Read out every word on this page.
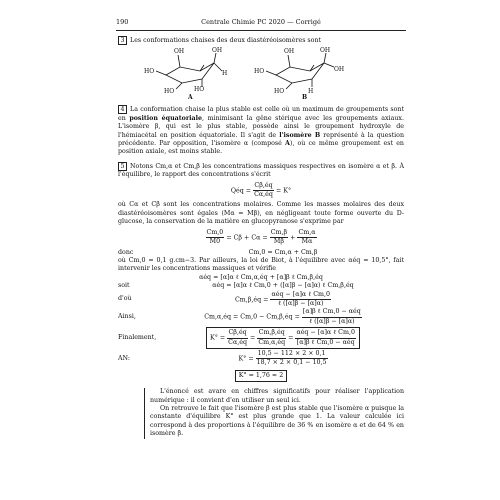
190	Centrale Chimie PC 2020 — Corrigé

3 Les conformations chaises des deux diastéréoisomères sont

OH
HO
HO	HO
OH
H
A
OH	OH
HO
HO	H
OH
B

4 La conformation chaise la plus stable est celle où un maximum de groupements sont en position équatoriale, minimisant la gêne stérique avec les groupements axiaux. L'isomère β, qui est le plus stable, possède ainsi le groupement hydroxyle de l'hémiacétal en position équatoriale. Il s'agit de l'isomère B représenté à la question précédente. Par opposition, l'isomère α (composé A), où ce même groupement est en position axiale, est moins stable.

5 Notons Cm,α et Cm,β les concentrations massiques respectives en isomère α et β. À l'équilibre, le rapport des concentrations s'écrit

Qéq = $\frac{C\beta,éq}{C\alpha,éq} = K^\circ$

où Cα et Cβ sont les concentrations molaires. Comme les masses molaires des deux diastéréoisomères sont égales (Mα = Mβ), en négligeant toute forme ouverte du D-glucose, la conservation de la matière en glucopyranose s'exprime par

$\frac{Cm,0}{M0} = C\beta + C\alpha = \frac{Cm,\beta}{M\beta} + \frac{Cm,\alpha}{M\alpha}$
donc	Cm,0 = Cm,α + Cm,β

où Cm,0 = 0,1 g.cm−3. Par ailleurs, la loi de Biot, à l'équilibre avec αéq = 10,5°, fait intervenir les concentrations massiques et vérifie

αéq = [α]α ℓ Cm,α,éq + [α]β ℓ Cm,β,éq
soit	αéq = [α]α ℓ Cm,0 + ([α]β − [α]α) ℓ Cm,β,éq
d'où	Cm,β,éq = $\frac{\text{αéq − [α]α ℓ Cm,0}}{\text{ℓ ([α]β − [α]α)}}$
Ainsi,	Cm,α,éq = Cm,0 − Cm,β,éq = $\frac{\text{[α]β ℓ Cm,0 − αéq}}{\text{ℓ ([α]β − [α]α)}}$
Finalement,	$K^\circ = \frac{C\beta,éq}{C\alpha,éq} = \frac{Cm,\beta,éq}{Cm,\alpha,éq} = \frac{\text{αéq − [α]α ℓ Cm,0}}{\text{[α]β ℓ Cm,0 − αéq}}$
AN:	$K^\circ = \frac{10,5 - 112 \times 2 \times 0,1}{18,7 \times 2 \times 0,1 - 10,5}$
K° = 1,76 ≈ 2

L'énoncé est avare en chiffres significatifs pour réaliser l'application numérique : il convient d'en utiliser un seul ici.

On retrouve le fait que l'isomère β est plus stable que l'isomère α puisque la constante d'équilibre K° est plus grande que 1. La valeur calculée ici correspond à des proportions à l'équilibre de 36 % en isomère α et de 64 % en isomère β.
